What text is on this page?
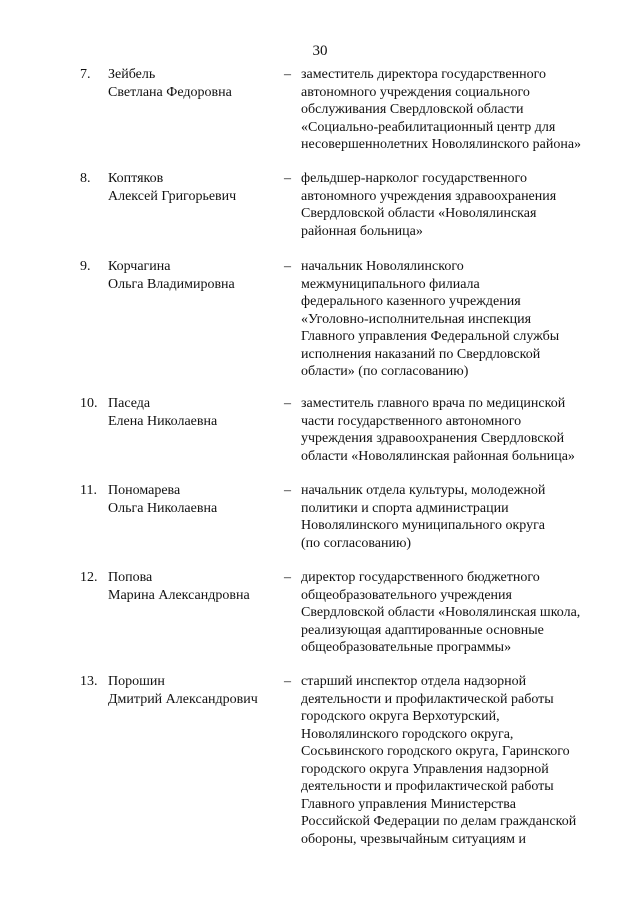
30
7.	Зейбель
Светлана Федоровна
– заместитель директора государственного
автономного учреждения социального
обслуживания Свердловской области
«Социально-реабилитационный центр для
несовершеннолетних Новолялинского района»
8.	Коптяков
Алексей Григорьевич
– фельдшер-нарколог государственного
автономного учреждения здравоохранения
Свердловской области «Новолялинская
районная больница»
9.	Корчагина
Ольга Владимировна
– начальник Новолялинского
межмуниципального филиала
федерального казенного учреждения
«Уголовно-исполнительная инспекция
Главного управления Федеральной службы
исполнения наказаний по Свердловской
области» (по согласованию)
10. Паседа
Елена Николаевна
– заместитель главного врача по медицинской
части государственного автономного
учреждения здравоохранения Свердловской
области «Новолялинская районная больница»
11. Пономарева
Ольга Николаевна
– начальник отдела культуры, молодежной
политики и спорта администрации
Новолялинского муниципального округа
(по согласованию)
12. Попова
Марина Александровна
– директор государственного бюджетного
общеобразовательного учреждения
Свердловской области «Новолялинская школа,
реализующая адаптированные основные
общеобразовательные программы»
13. Порошин
Дмитрий Александрович
– старший инспектор отдела надзорной
деятельности и профилактической работы
городского округа Верхотурский,
Новолялинского городского округа,
Сосьвинского городского округа, Гаринского
городского округа Управления надзорной
деятельности и профилактической работы
Главного управления Министерства
Российской Федерации по делам гражданской
обороны, чрезвычайным ситуациям и
